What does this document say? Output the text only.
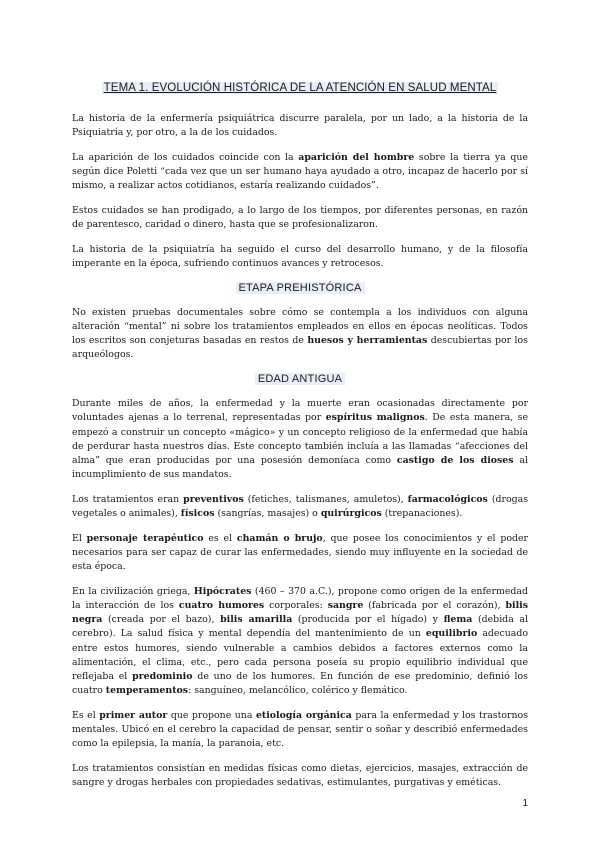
TEMA 1. EVOLUCIÓN HISTÓRICA DE LA ATENCIÓN EN SALUD MENTAL

La historia de la enfermería psiquiátrica discurre paralela, por un lado, a la historia de la Psiquiatría y, por otro, a la de los cuidados.

La aparición de los cuidados coincide con la aparición del hombre sobre la tierra ya que según dice Poletti “cada vez que un ser humano haya ayudado a otro, incapaz de hacerlo por sí mismo, a realizar actos cotidianos, estaría realizando cuidados”.

Estos cuidados se han prodigado, a lo largo de los tiempos, por diferentes personas, en razón de parentesco, caridad o dinero, hasta que se profesionalizaron.

La historia de la psiquiatría ha seguido el curso del desarrollo humano, y de la filosofía imperante en la época, sufriendo continuos avances y retrocesos.

ETAPA PREHISTÓRICA

No existen pruebas documentales sobre cómo se contempla a los individuos con alguna alteración “mental” ni sobre los tratamientos empleados en ellos en épocas neolíticas. Todos los escritos son conjeturas basadas en restos de huesos y herramientas descubiertas por los arqueólogos.

EDAD ANTIGUA

Durante miles de años, la enfermedad y la muerte eran ocasionadas directamente por voluntades ajenas a lo terrenal, representadas por espíritus malignos. De esta manera, se empezó a construir un concepto «mágico» y un concepto religioso de la enfermedad que había de perdurar hasta nuestros días. Este concepto también incluía a las llamadas “afecciones del alma” que eran producidas por una posesión demoníaca como castigo de los dioses al incumplimiento de sus mandatos.

Los tratamientos eran preventivos (fetiches, talismanes, amuletos), farmacológicos (drogas vegetales o animales), físicos (sangrías, masajes) o quirúrgicos (trepanaciones).

El personaje terapéutico es el chamán o brujo, que posee los conocimientos y el poder necesarios para ser capaz de curar las enfermedades, siendo muy influyente en la sociedad de esta época.

En la civilización griega, Hipócrates (460 – 370 a.C.), propone como origen de la enfermedad la interacción de los cuatro humores corporales: sangre (fabricada por el corazón), bilis negra (creada por el bazo), bilis amarilla (producida por el hígado) y flema (debida al cerebro). La salud física y mental dependía del mantenimiento de un equilibrio adecuado entre estos humores, siendo vulnerable a cambios debidos a factores externos como la alimentación, el clima, etc., pero cada persona poseía su propio equilibrio individual que reflejaba el predominio de uno de los humores. En función de ese predominio, definió los cuatro temperamentos: sanguíneo, melancólico, colérico y flemático.

Es el primer autor que propone una etiología orgánica para la enfermedad y los trastornos mentales. Ubicó en el cerebro la capacidad de pensar, sentir o soñar y describió enfermedades como la epilepsia, la manía, la paranoia, etc.

Los tratamientos consistían en medidas físicas como dietas, ejercicios, masajes, extracción de sangre y drogas herbales con propiedades sedativas, estimulantes, purgativas y eméticas.

1
